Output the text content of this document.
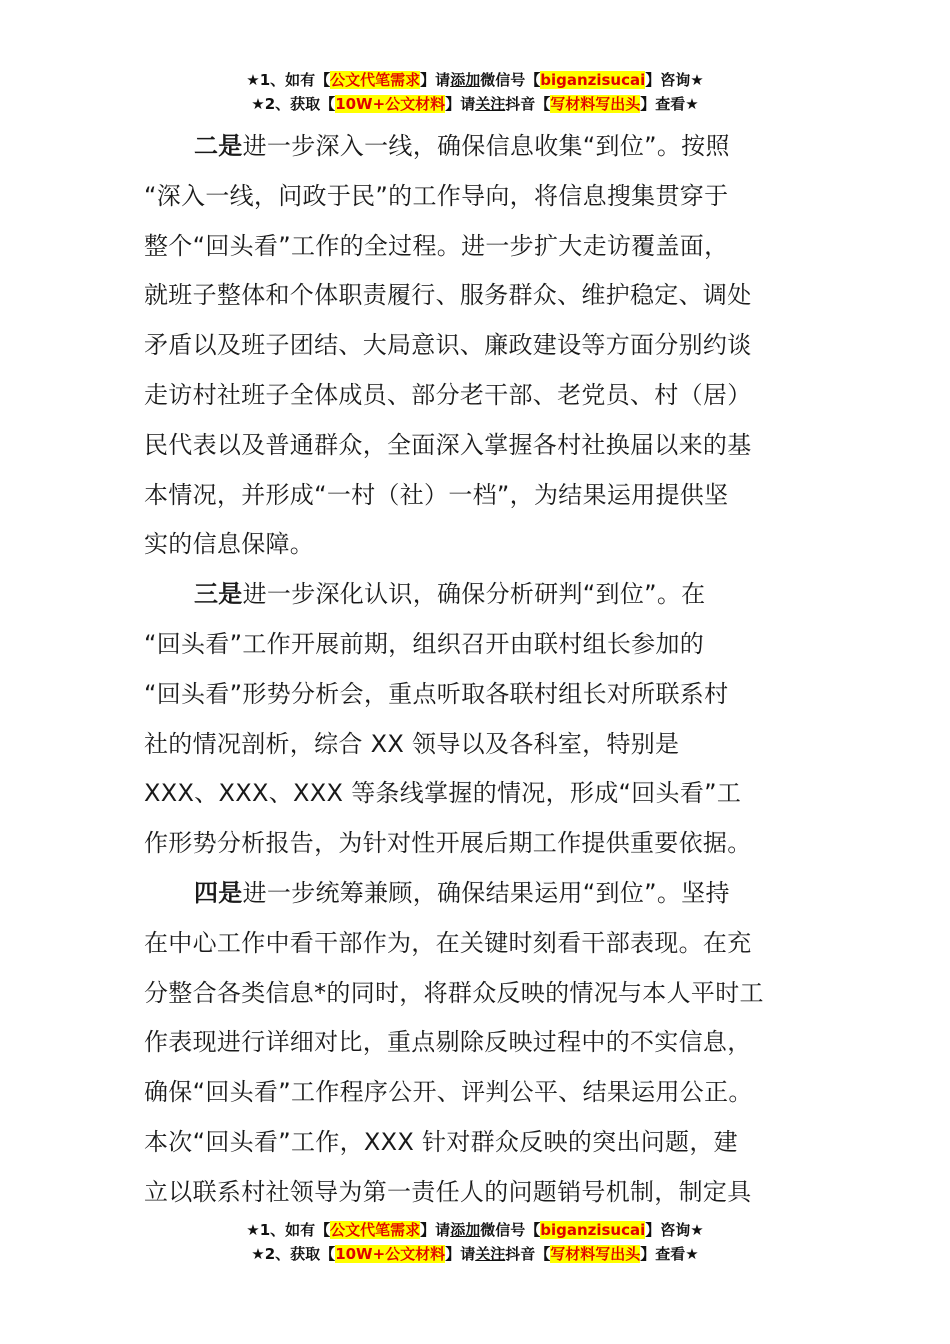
★1、如有【公文代笔需求】请添加微信号【biganzisucai】咨询★
★2、获取【10W+公文材料】请关注抖音【写材料写出头】查看★
二是进一步深入一线，确保信息收集“到位”。按照
“深入一线，问政于民”的工作导向，将信息搜集贯穿于
整个“回头看”工作的全过程。进一步扩大走访覆盖面，
就班子整体和个体职责履行、服务群众、维护稳定、调处
矛盾以及班子团结、大局意识、廉政建设等方面分别约谈
走访村社班子全体成员、部分老干部、老党员、村（居）
民代表以及普通群众，全面深入掌握各村社换届以来的基
本情况，并形成“一村（社）一档”，为结果运用提供坚
实的信息保障。
三是进一步深化认识，确保分析研判“到位”。在
“回头看”工作开展前期，组织召开由联村组长参加的
“回头看”形势分析会，重点听取各联村组长对所联系村
社的情况剖析，综合 XX 领导以及各科室，特别是
XXX、XXX、XXX 等条线掌握的情况，形成“回头看”工
作形势分析报告，为针对性开展后期工作提供重要依据。
四是进一步统筹兼顾，确保结果运用“到位”。坚持
在中心工作中看干部作为，在关键时刻看干部表现。在充
分整合各类信息*的同时，将群众反映的情况与本人平时工
作表现进行详细对比，重点剔除反映过程中的不实信息，
确保“回头看”工作程序公开、评判公平、结果运用公正。
本次“回头看”工作，XXX 针对群众反映的突出问题，建
立以联系村社领导为第一责任人的问题销号机制，制定具
★1、如有【公文代笔需求】请添加微信号【biganzisucai】咨询★
★2、获取【10W+公文材料】请关注抖音【写材料写出头】查看★
